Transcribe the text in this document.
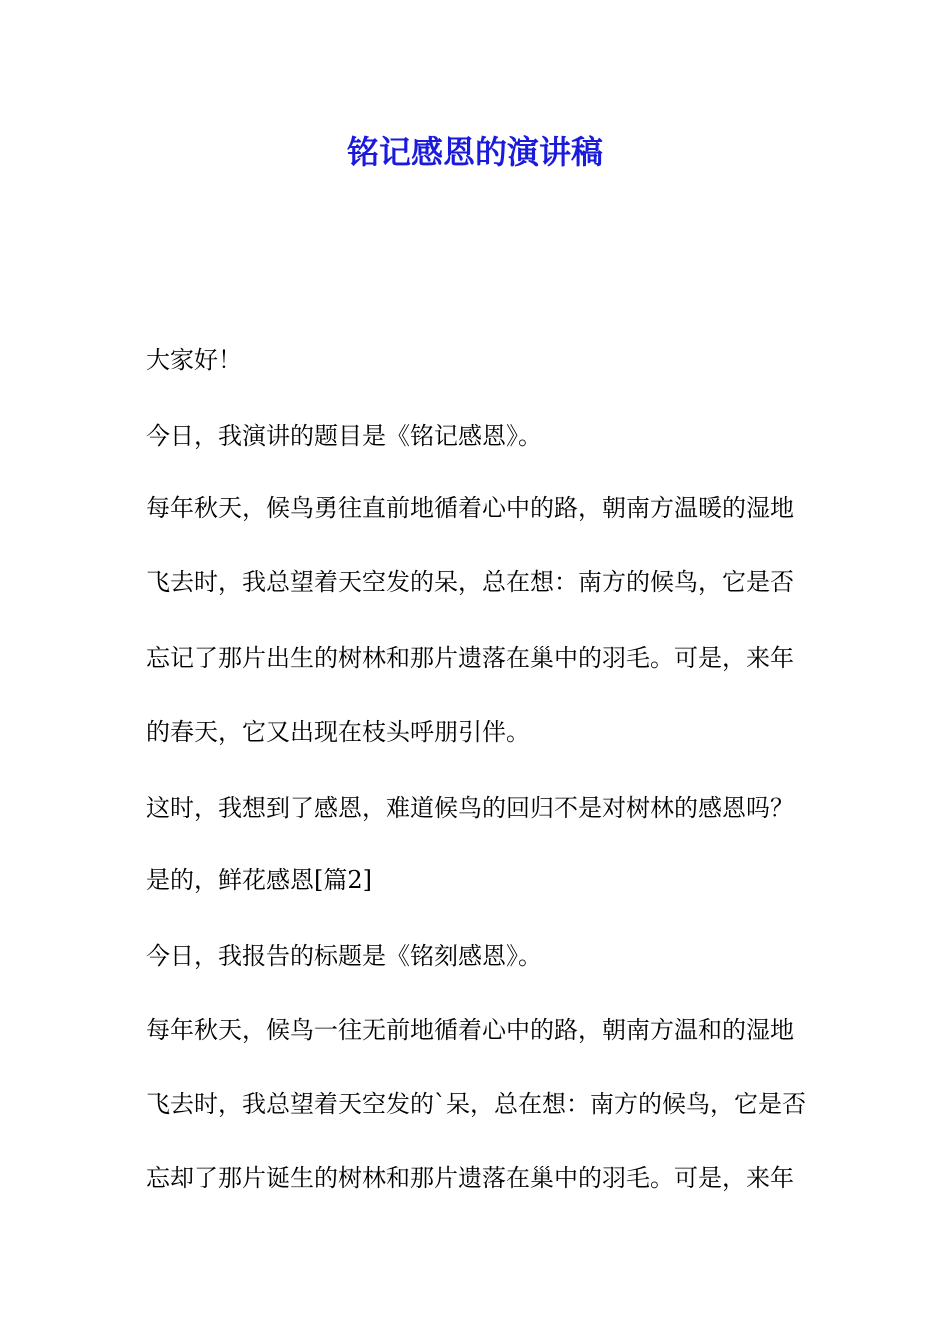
铭记感恩的演讲稿

大家好！

今日，我演讲的题目是《铭记感恩》。

每年秋天，候鸟勇往直前地循着心中的路，朝南方温暖的湿地

飞去时，我总望着天空发的呆，总在想：南方的候鸟，它是否

忘记了那片出生的树林和那片遗落在巢中的羽毛。可是，来年

的春天，它又出现在枝头呼朋引伴。

这时，我想到了感恩，难道候鸟的回归不是对树林的感恩吗？

是的，鲜花感恩[篇2]

今日，我报告的标题是《铭刻感恩》。

每年秋天，候鸟一往无前地循着心中的路，朝南方温和的湿地

飞去时，我总望着天空发的`呆，总在想：南方的候鸟，它是否

忘却了那片诞生的树林和那片遗落在巢中的羽毛。可是，来年
